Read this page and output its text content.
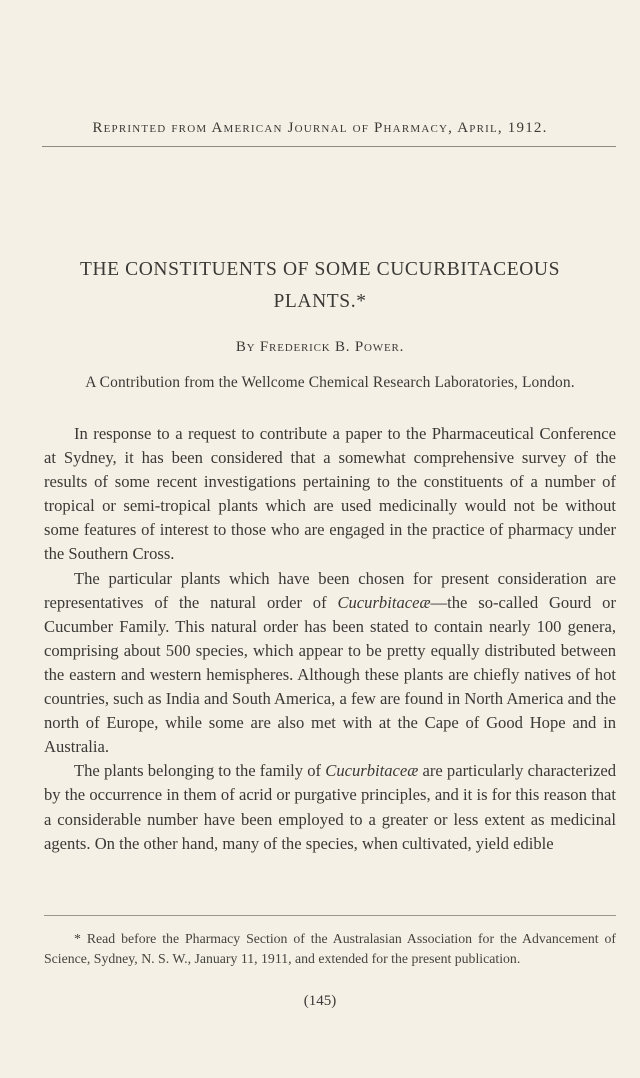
Reprinted from American Journal of Pharmacy, April, 1912.
THE CONSTITUENTS OF SOME CUCURBITACEOUS
PLANTS.*
By Frederick B. Power.
A Contribution from the Wellcome Chemical Research Laboratories, London.

In response to a request to contribute a paper to the Pharmaceutical Conference at Sydney, it has been considered that a somewhat comprehensive survey of the results of some recent investigations pertaining to the constituents of a number of tropical or semi-tropical plants which are used medicinally would not be without some features of interest to those who are engaged in the practice of pharmacy under the Southern Cross.

The particular plants which have been chosen for present consideration are representatives of the natural order of Cucurbitaceæ—the so-called Gourd or Cucumber Family. This natural order has been stated to contain nearly 100 genera, comprising about 500 species, which appear to be pretty equally distributed between the eastern and western hemispheres. Although these plants are chiefly natives of hot countries, such as India and South America, a few are found in North America and the north of Europe, while some are also met with at the Cape of Good Hope and in Australia.

The plants belonging to the family of Cucurbitaceæ are particularly characterized by the occurrence in them of acrid or purgative principles, and it is for this reason that a considerable number have been employed to a greater or less extent as medicinal agents. On the other hand, many of the species, when cultivated, yield edible

* Read before the Pharmacy Section of the Australasian Association for the Advancement of Science, Sydney, N. S. W., January 11, 1911, and extended for the present publication.

(145)
